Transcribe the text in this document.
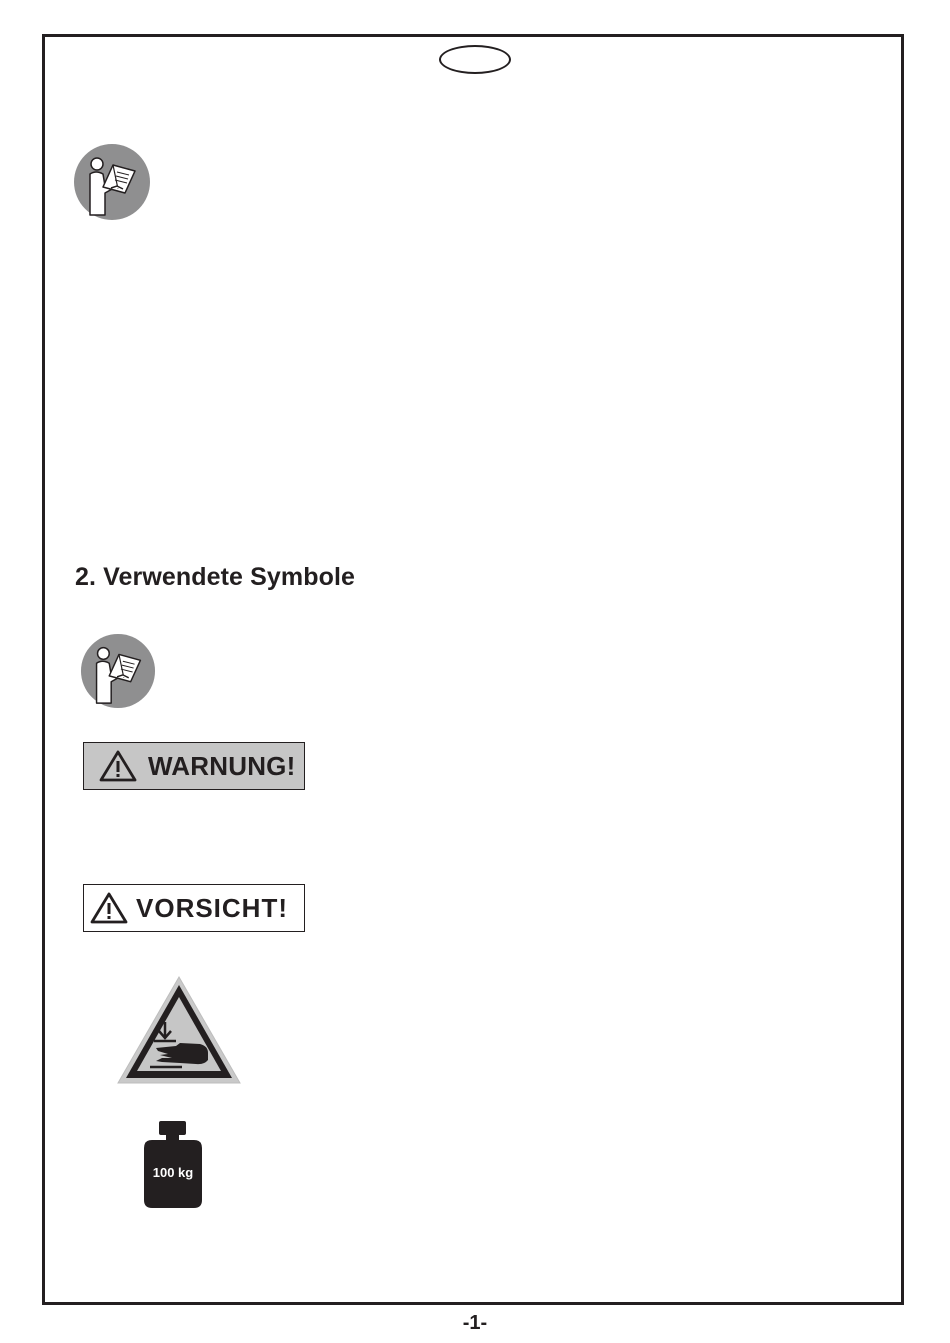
2. Verwendete Symbole
WARNUNG!
VORSICHT!
100 kg
-1-
